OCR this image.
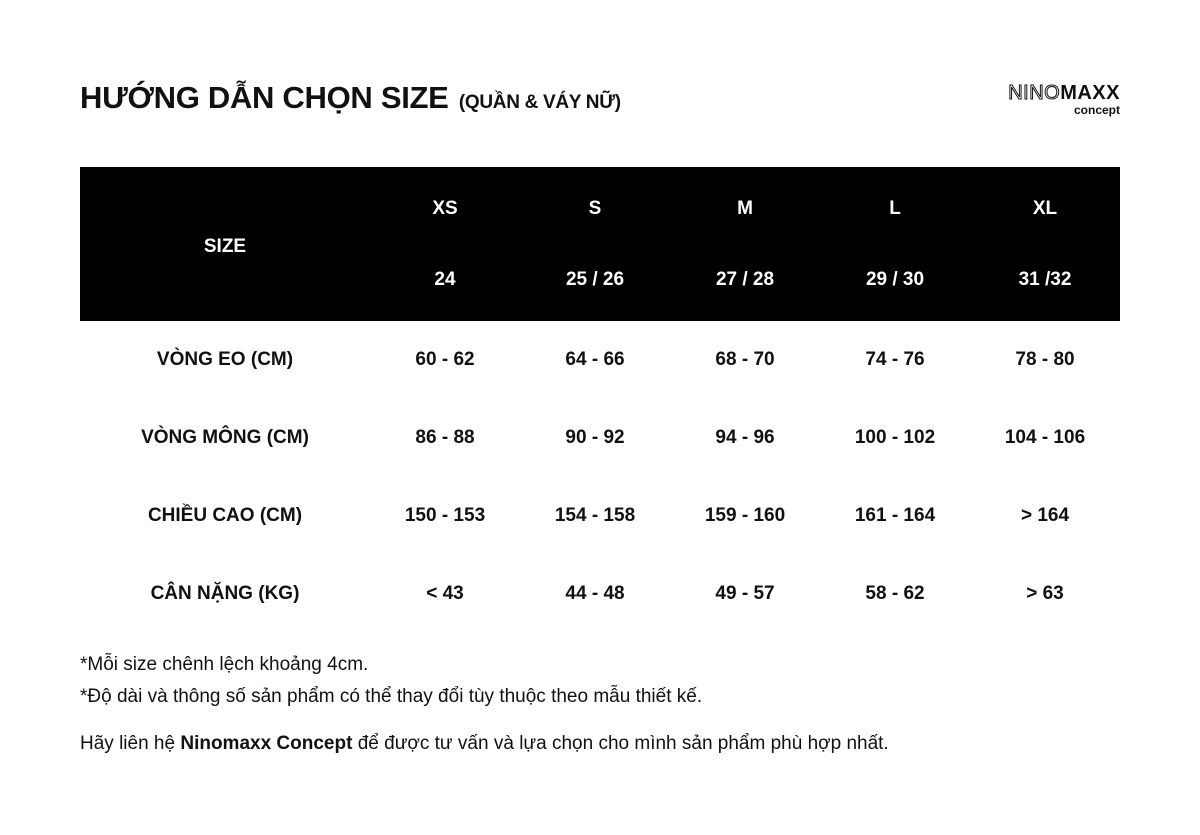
HƯỚNG DẪN CHỌN SIZE (QUẦN & VÁY NỮ)	NINOMAXX
concept
SIZE	XS	S	M	L	XL
	24	25 / 26	27 / 28	29 / 30	31 /32
VÒNG EO (CM)	60 - 62	64 - 66	68 - 70	74 - 76	78 - 80
VÒNG MÔNG (CM)	86 - 88	90 - 92	94 - 96	100 - 102	104 - 106
CHIỀU CAO (CM)	150 - 153	154 - 158	159 - 160	161 - 164	> 164
CÂN NẶNG (KG)	< 43	44 - 48	49 - 57	58 - 62	> 63

*Mỗi size chênh lệch khoảng 4cm.

*Độ dài và thông số sản phẩm có thể thay đổi tùy thuộc theo mẫu thiết kế.

Hãy liên hệ Ninomaxx Concept để được tư vấn và lựa chọn cho mình sản phẩm phù hợp nhất.
